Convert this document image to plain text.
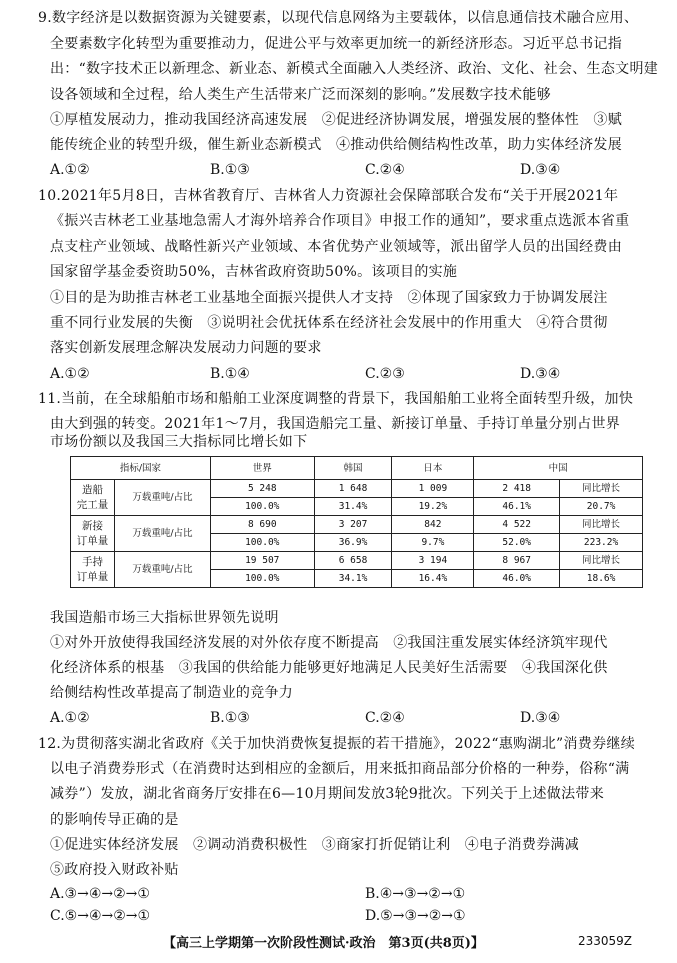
9.数字经济是以数据资源为关键要素，以现代信息网络为主要载体，以信息通信技术融合应用、
全要素数字化转型为重要推动力，促进公平与效率更加统一的新经济形态。习近平总书记指
出：“数字技术正以新理念、新业态、新模式全面融入人类经济、政治、文化、社会、生态文明建
设各领域和全过程，给人类生产生活带来广泛而深刻的影响。”发展数字技术能够
①厚植发展动力，推动我国经济高速发展　②促进经济协调发展，增强发展的整体性　③赋
能传统企业的转型升级，催生新业态新模式　④推动供给侧结构性改革，助力实体经济发展
A.①②	B.①③	C.②④	D.③④
10.2021年5月8日，吉林省教育厅、吉林省人力资源社会保障部联合发布“关于开展2021年
《振兴吉林老工业基地急需人才海外培养合作项目》申报工作的通知”，要求重点选派本省重
点支柱产业领域、战略性新兴产业领域、本省优势产业领域等，派出留学人员的出国经费由
国家留学基金委资助50%，吉林省政府资助50%。该项目的实施
①目的是为助推吉林老工业基地全面振兴提供人才支持　②体现了国家致力于协调发展注
重不同行业发展的失衡　③说明社会优抚体系在经济社会发展中的作用重大　④符合贯彻
落实创新发展理念解决发展动力问题的要求
A.①②	B.①④	C.②③	D.③④
11.当前，在全球船舶市场和船舶工业深度调整的背景下，我国船舶工业将全面转型升级，加快
由大到强的转变。2021年1～7月，我国造船完工量、新接订单量、手持订单量分别占世界
市场份额以及我国三大指标同比增长如下
指标/国家		世界	韩国	日本	中国	

造船
完工量	万载重吨/占比	5 248	1 648	1 009	2 418	同比增长
		100.0%	31.4%	19.2%	46.1%	20.7%

新接
订单量	万载重吨/占比	8 690	3 207	842	4 522	同比增长
		100.0%	36.9%	9.7%	52.0%	223.2%

手持
订单量	万载重吨/占比	19 507	6 658	3 194	8 967	同比增长
		100.0%	34.1%	16.4%	46.0%	18.6%
我国造船市场三大指标世界领先说明
①对外开放使得我国经济发展的对外依存度不断提高　②我国注重发展实体经济筑牢现代
化经济体系的根基　③我国的供给能力能够更好地满足人民美好生活需要　④我国深化供
给侧结构性改革提高了制造业的竞争力
A.①②	B.①③	C.②④	D.③④
12.为贯彻落实湖北省政府《关于加快消费恢复提振的若干措施》，2022“惠购湖北”消费券继续
以电子消费券形式（在消费时达到相应的金额后，用来抵扣商品部分价格的一种券，俗称“满
减券”）发放，湖北省商务厅安排在6—10月期间发放3轮9批次。下列关于上述做法带来
的影响传导正确的是
①促进实体经济发展　②调动消费积极性　③商家打折促销让利　④电子消费券满减
⑤政府投入财政补贴
A.③→④→②→①	B.④→③→②→①
C.⑤→④→②→①	D.⑤→③→②→①
【高三上学期第一次阶段性测试·政治　第3页(共8页)】	233059Z
